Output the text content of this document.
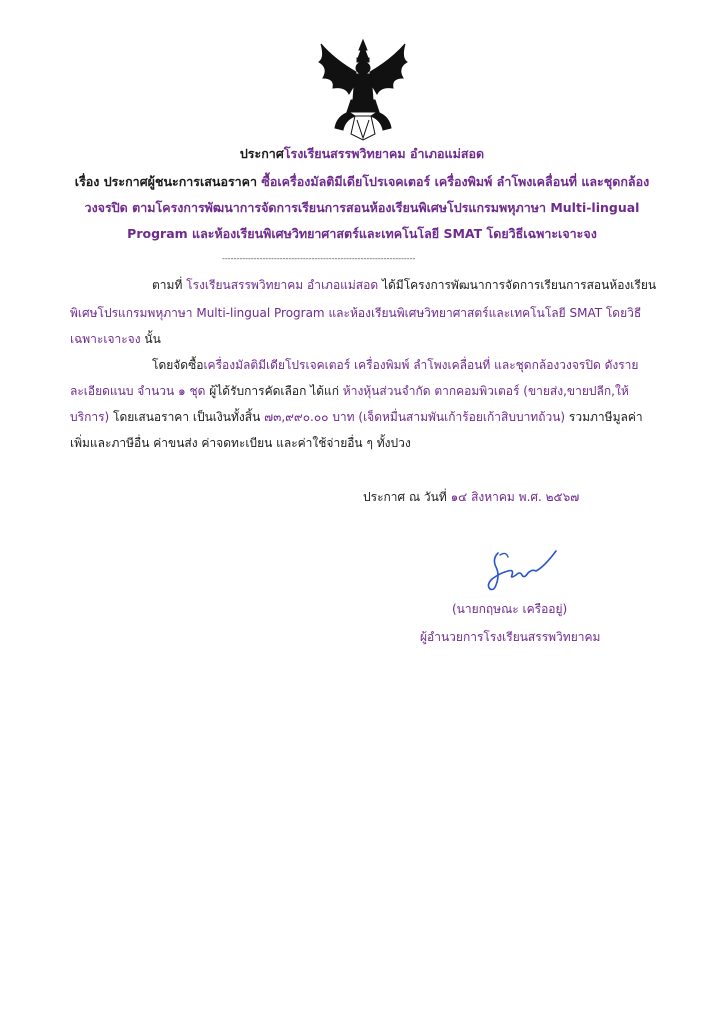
ประกาศโรงเรียนสรรพวิทยาคม อำเภอแม่สอด
เรื่อง ประกาศผู้ชนะการเสนอราคา ซื้อเครื่องมัลติมีเดียโปรเจคเตอร์ เครื่องพิมพ์ ลำโพงเคลื่อนที่ และชุดกล้อง
วงจรปิด ตามโครงการพัฒนาการจัดการเรียนการสอนห้องเรียนพิเศษโปรแกรมพหุภาษา Multi-lingual
Program และห้องเรียนพิเศษวิทยาศาสตร์และเทคโนโลยี SMAT โดยวิธีเฉพาะเจาะจง
-------------------------------------------------------------------
ตามที่ โรงเรียนสรรพวิทยาคม อำเภอแม่สอด ได้มีโครงการพัฒนาการจัดการเรียนการสอนห้องเรียน
พิเศษโปรแกรมพหุภาษา Multi-lingual Program และห้องเรียนพิเศษวิทยาศาสตร์และเทคโนโลยี SMAT โดยวิธี
เฉพาะเจาะจง นั้น
โดยจัดซื้อเครื่องมัลติมีเดียโปรเจคเตอร์ เครื่องพิมพ์ ลำโพงเคลื่อนที่ และชุดกล้องวงจรปิด ดังราย
ละเอียดแนบ จำนวน ๑ ชุด ผู้ได้รับการคัดเลือก ได้แก่ ห้างหุ้นส่วนจำกัด ตากคอมพิวเตอร์ (ขายส่ง,ขายปลีก,ให้
บริการ) โดยเสนอราคา เป็นเงินทั้งสิ้น ๗๓,๙๙๐.๐๐ บาท (เจ็ดหมื่นสามพันเก้าร้อยเก้าสิบบาทถ้วน) รวมภาษีมูลค่า
เพิ่มและภาษีอื่น ค่าขนส่ง ค่าจดทะเบียน และค่าใช้จ่ายอื่น ๆ ทั้งปวง
ประกาศ ณ วันที่ ๑๔ สิงหาคม พ.ศ. ๒๕๖๗
(นายกฤษณะ เครืออยู่)
ผู้อำนวยการโรงเรียนสรรพวิทยาคม
